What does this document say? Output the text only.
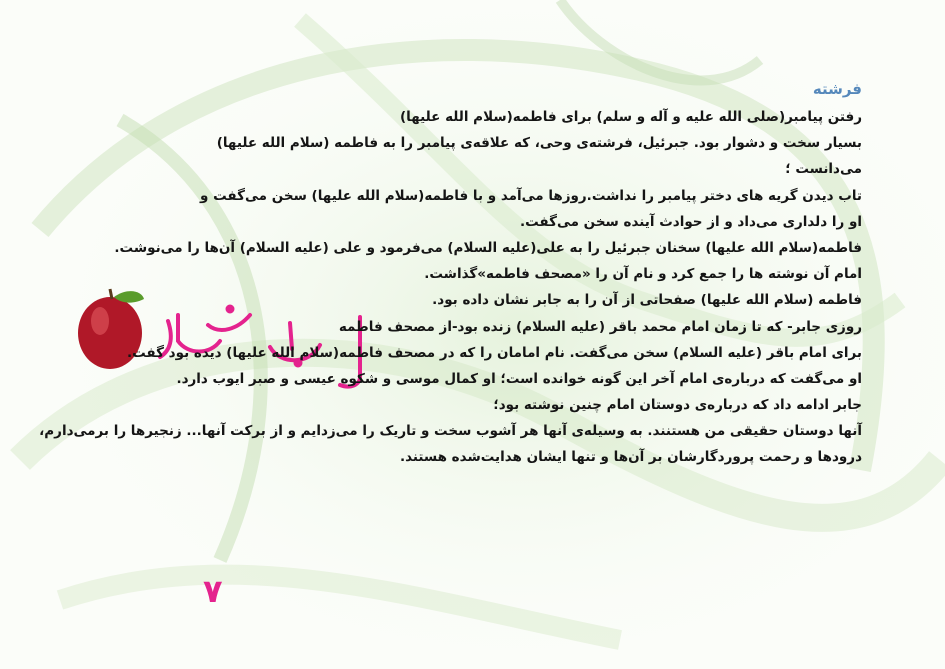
فرشته
رفتن پیامبر(صلی الله علیه و آله و سلم) برای فاطمه(سلام الله علیها)
بسیار سخت و دشوار بود. جبرئیل، فرشته‌ی وحی، که علاقه‌ی پیامبر را به فاطمه (سلام الله علیها)
می‌دانست ؛
تاب دیدن گریه های دختر پیامبر را نداشت.روزها می‌آمد و با فاطمه(سلام الله علیها) سخن می‌گفت و
او را دلداری می‌داد و از حوادث آینده سخن می‌گفت.
فاطمه(سلام الله علیها) سخنان جبرئیل را به علی(علیه السلام) می‌فرمود و علی (علیه السلام) آن‌ها را می‌نوشت.
امام آن نوشته ها را جمع کرد و نام آن را «مصحف فاطمه»گذاشت.
فاطمه (سلام الله علیها) صفحاتی از آن را به جابر نشان داده بود.
روزی جابر- که تا زمان امام محمد باقر (علیه السلام) زنده بود-از مصحف فاطمه
برای امام باقر (علیه السلام) سخن می‌گفت. نام امامان را که در مصحف فاطمه(سلام الله علیها) دیده بود گفت.
او می‌گفت که درباره‌ی امام آخر این گونه خوانده است؛ او کمال موسی و شکوه عیسی و صبر ایوب دارد.
جابر ادامه داد که درباره‌ی دوستان امام چنین نوشته بود؛
آنها دوستان حقیقی من هستنند. به وسیله‌ی آنها هر آشوب سخت و تاریک را می‌زدایم و از برکت آنها... زنجیرها را برمی‌دارم،
درودها و رحمت پروردگارشان بر آن‌ها و تنها ایشان هدایت‌شده هستند.
۷
